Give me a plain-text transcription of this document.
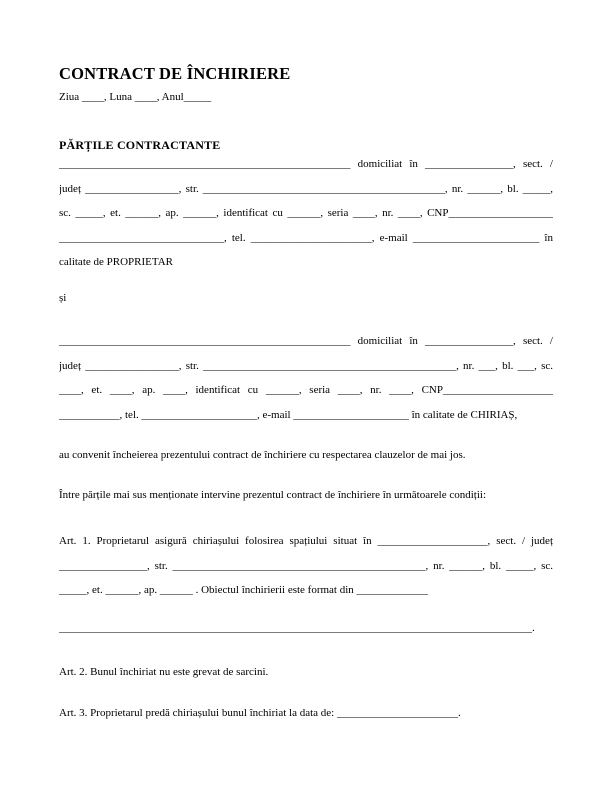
CONTRACT DE ÎNCHIRIERE
Ziua ____, Luna ____, Anul_____
PĂRȚILE CONTRACTANTE
_____________________________________________________ domiciliat în ________________, sect. /
județ _________________, str. ____________________________________________, nr. ______, bl. _____,
sc. _____, et. ______, ap. ______, identificat cu ______, seria ____, nr. ____, CNP___________________
______________________________, tel. ______________________, e-mail _______________________ în
calitate de PROPRIETAR
și
_____________________________________________________ domiciliat în ________________, sect. /
județ _________________, str. ______________________________________________, nr. ___, bl. ___, sc.
____, et. ____, ap. ____, identificat cu ______, seria ____, nr. ____, CNP____________________
___________, tel. _____________________, e-mail _____________________ în calitate de CHIRIAȘ,
au convenit încheierea prezentului contract de închiriere cu respectarea clauzelor de mai jos.
Între părțile mai sus menționate intervine prezentul contract de închiriere în următoarele condiții:
Art. 1. Proprietarul asigură chiriașului folosirea spațiului situat în ____________________, sect. / județ
________________, str. ______________________________________________, nr. ______, bl. _____, sc.
_____, et. ______, ap. ______ . Obiectul închirierii este format din _____________
______________________________________________________________________________________.
Art. 2. Bunul închiriat nu este grevat de sarcini.
Art. 3. Proprietarul predă chiriașului bunul închiriat la data de: ______________________.
